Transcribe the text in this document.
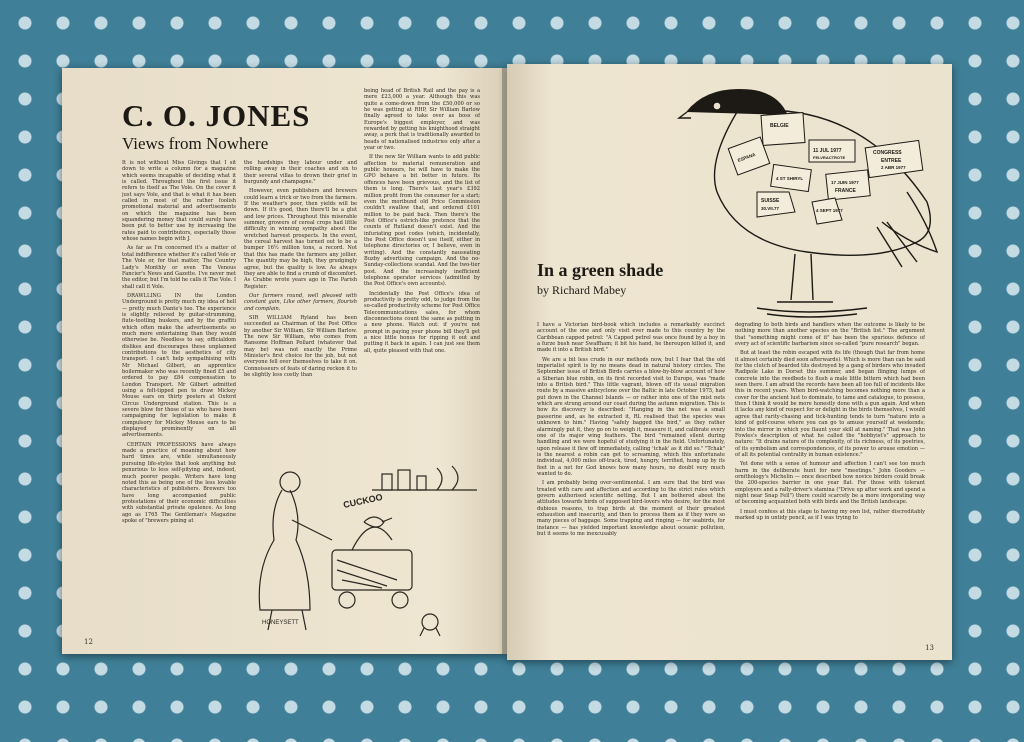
C. O. JONES
Views from Nowhere

It is not without Miss Givings that I sit down to write a column for a magazine which seems incapable of deciding what it is called. Throughout the first issue it refers to itself as The Vole. On the cover it just says Vole, and that is what it has been called in most of the rather foolish promotional material and advertisements on which the magazine has been squandering money that could surely have been put to better use by increasing the rates paid to contributors, especially those whose names begin with J.

As far as I'm concerned it's a matter of total indifference whether it's called Vole or The Vole or, for that matter, The Country Lady's Monthly or even The Venous Fancier's News and Gazette. I've never met the editor, but I'm told he calls it The Vole. I shall call it Vole.

DRAWLLING IN the London Underground is pretty much my idea of hell — pretty much Dante's too. The experience is slightly relieved by guitar-strumming, flute-tootling buskers, and by the graffiti which often make the advertisements so much more entertaining than they would otherwise be. Needless to say, officialdom dislikes and discourages these unplanned contributions to the aesthetics of city transport. I can't help sympathising with Mr Michael Gilbert, an apprentice boilermaker who was recently fined £5 and ordered to pay £84 compensation to London Transport. Mr Gilbert admitted using a felt-tipped pen to draw Mickey Mouse ears on thirty posters at Oxford Circus Underground station. This is a severe blow for those of us who have been campaigning for legislation to make it compulsory for Mickey Mouse ears to be displayed prominently on all advertisements.

CERTAIN PROFESSIONS have always made a practice of moaning about how hard times are, while simultaneously pursuing life-styles that look anything but penurious to less self-pitying and, indeed, much poorer people. Writers have long noted this as being one of the less lovable characteristics of publishers. Brewers too have long accompanied public protestations of their economic difficulties with substantial private opulence. As long ago as 1765 The Gentleman's Magazine spoke of "brewers pining at

the hardships they labour under and rolling away in their coaches and six to their several villas to drown their grief in burgundy and champagne."

However, even publishers and brewers could learn a trick or two from the farmers. If the weather's poor, then yields will be down. If it's good, then there'll be a glut and low prices. Throughout this miserable summer, growers of cereal crops had little difficulty in winning sympathy about the wretched harvest prospects. In the event, the cereal harvest has turned out to be a bumper 16½ million tons, a record. Not that this has made the farmers any jollier. The quantity may be high, they grudgingly agree, but the quality is low. As always they are able to find a crumb of discomfort. As Crabbe wrote years ago in The Parish Register:

Our farmers round, well pleased with constant gain, Like other farmers, flourish and complain.

SIR WILLIAM Ryland has been succeeded as Chairman of the Post Office by another Sir William, Sir William Barlow. The new Sir William, who comes from Ransome Hoffman Pollard (whatever that may be) was not exactly the Prime Minister's first choice for the job, but not everyone fell over themselves to take it on. Connoisseurs of feats of daring reckon it to be slightly less costly than

being head of British Rail and the pay is a mere £23,000 a year. Although this was quite a come-down from the £50,000 or so he was getting at RHP, Sir William Barlow finally agreed to take over as boss of Europe's biggest employer, and was rewarded by getting his knighthood straight away, a perk that is traditionally awarded to heads of nationalised industries only after a year or two.

If the new Sir William wants to add public affection to material remuneration and public honours, he will have to make the GPO behave a bit better in future. Its offences have been grievous, and the list of them is long. There's last year's £392 million profit from the consumer for a start; even the moribund old Price Commission couldn't swallow that, and ordered £101 million to be paid back. Then there's the Post Office's ostrich-like pretence that the counts of Rutland doesn't exist. And the infuriating post codes (which, incidentally, the Post Office doesn't use itself, either in telephone directories or, I believe, even in writing). And the constantly nauseating Buzby advertising campaign. And the no-Sunday-collections scandal. And the two-tier post. And the increasingly inefficient telephone operator services (admitted by the Post Office's own accounts).

Incidentally the Post Office's idea of productivity is pretty odd, to judge from the so-called productivity scheme for Post Office Telecommunications sales, for whom disconnections count the same as putting in a new phone. Watch out: if you're not prompt in paying your phone bill they'll get a nice little bonus for ripping it out and putting it back in again. I can just see them all, quite pleased with that one.

CUCKOO
HONEYSETT
12
BELGIE
11 JUL 1977
FELVRACTROTE
CONGRESS
ENTREE
2 ABR 1977
17 JUIN 1977
FRANCE
SUISSE
30.VII.77	4 SEPT 1977
ESPANA
4 ST SHIRYL
In a green shade
by Richard Mabey

I have a Victorian bird-book which includes a remarkably succinct account of the one and only visit ever made to this country by the Caribbean capped petrel: "A Capped petrel was once found by a boy in a furze bush near Swaffham; it bit his hand, he thereupon killed it, and made it into a British bird."

We are a bit less crude in our methods now, but I fear that the old imperialist spirit is by no means dead in natural history circles. The September issue of British Birds carries a blow-by-blow account of how a Siberian blue robin, on its first recorded visit to Europe, was "made into a British bird." This little vagrant, blown off its usual migration route by a massive anticyclone over the Baltic in late October 1975, had put down in the Channel Islands — or rather into one of the mist nets which are strung around our coast during the autumn migration. This is how its discovery is described: "Hanging in the net was a small passerine and, as he extracted it, RL realised that the species was unknown to him." Having "safely bagged the bird," as they rather alarmingly put it, they go on to weigh it, measure it, and calibrate every one of its major wing feathers. The bird "remained silent during handling and we were hopeful of studying it in the field. Unfortunately, upon release it flew off immediately, calling 'tchak' as it did so." "Tchak" is the nearest a robin can get to screaming, which this unfortunate individual, 4,000 miles off-track, tired, hungry, terrified, hung up by its feet in a net for God knows how many hours, no doubt very much wanted to do.

I am probably being over-sentimental. I am sure that the bird was treated with care and affection and according to the strict rules which govern authorised scientific netting. But I am bothered about the attitudes towards birds of supposed bird-lovers who desire, for the most dubious reasons, to trap birds at the moment of their greatest exhaustion and insecurity, and then to process them as if they were so many pieces of baggage. Some trapping and ringing — for seabirds, for instance — has yielded important knowledge about oceanic pollution, but it seems to me inexcusably

degrading to both birds and handlers when the outcome is likely to be nothing more than another species on the "British list." The argument that "something might come of it" has been the spurious defence of every act of scientific barbarism since so-called "pure research" began.

But at least the robin escaped with its life (though that far from home it almost certainly died soon afterwards). Which is more than can be said for the clutch of bearded tits destroyed by a gang of birders who invaded Radipole Lake in Dorset this summer, and began flinging lumps of concrete into the reedbeds to flush a male little bittern which had been seen there. I am afraid the records have been all too full of incidents like this in recent years. When bird-watching becomes nothing more than a cover for the ancient lust to dominate, to tame and catalogue, to possess, then I think it would be more honestly done with a gun again. And when it lacks any kind of respect for or delight in the birds themselves, I would agree that rarity-chasing and tick-hunting tends to turn "nature into a kind of golf-course where you can go to amuse yourself at weekends; into the mirror in which you flaunt your skill at naming." That was John Fowles's description of what he called the "hobbyist's" approach to nature: "It drains nature of its complexity, of its richness, of its poetries, of its symbolism and correspondences, of its power to arouse emotion — of all its potential centrality in human existence."

Yet done with a sense of humour and affection I can't see too much harm in the deliberate hunt for new "meetings." John Gooders — ornithology's Michelin — once described how novice birders could break the 200-species barrier in one year flat. For those with tolerant employers and a rally-driver's stamina ("Drive up after work and spend a night near Snap Fell") there could scarcely be a more invigorating way of becoming acquainted both with birds and the British landscape.

I must confess at this stage to having my own list, rather discreditably marked up in untidy pencil, as if I was trying to

13
